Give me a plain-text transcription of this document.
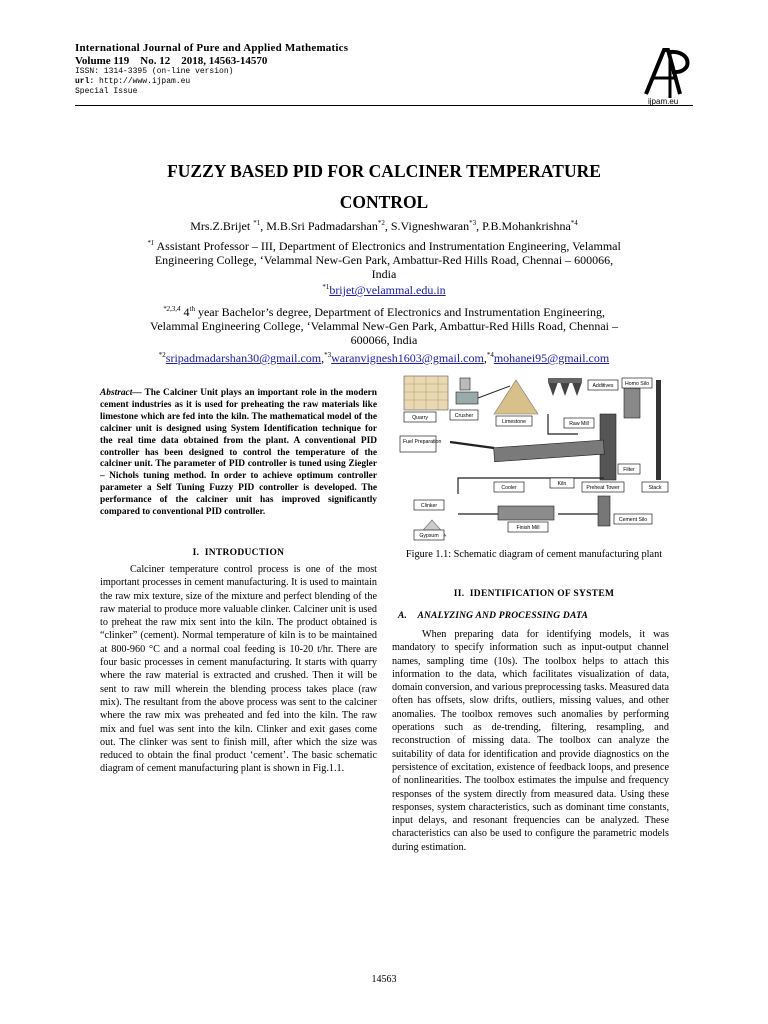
International Journal of Pure and Applied Mathematics
Volume 119    No. 12    2018, 14563-14570
ISSN: 1314-3395 (on-line version)
url: http://www.ijpam.eu
Special Issue
ijpam.eu
FUZZY BASED PID FOR CALCINER TEMPERATURE
CONTROL
Mrs.Z.Brijet $^{*1}$, M.B.Sri Padmadarshan$^{*2}$, S.Vigneshwaran$^{*3}$, P.B.Mohankrishna$^{*4}$
$^{*1}$ Assistant Professor – III, Department of Electronics and Instrumentation Engineering, Velammal
Engineering College, ‘Velammal New-Gen Park, Ambattur-Red Hills Road, Chennai – 600066,
India
$^{*1}$brijet@velammal.edu.in
$^{*2,3,4}$ 4th year Bachelor’s degree, Department of Electronics and Instrumentation Engineering,
Velammal Engineering College, ‘Velammal New-Gen Park, Ambattur-Red Hills Road, Chennai –
600066, India
$^{*2}$sripadmadarshan30@gmail.com,$^{*3}$waranvignesh1603@gmail.com,$^{*4}$mohanei95@gmail.com
Abstract— The Calciner Unit plays an important role in the modern cement industries as it is used for preheating the raw materials like limestone which are fed into the kiln. The mathematical model of the calciner unit is designed using System Identification technique for the real time data obtained from the plant. A conventional PID controller has been designed to control the temperature of the calciner unit. The parameter of PID controller is tuned using Ziegler – Nichols tuning method. In order to achieve optimum controller parameter a Self Tuning Fuzzy PID controller is developed. The performance of the calciner unit has improved significantly compared to conventional PID controller.
I. INTRODUCTION
Calciner temperature control process is one of the most important processes in cement manufacturing. It is used to maintain the raw mix texture, size of the mixture and perfect blending of the raw material to produce more valuable clinker. Calciner unit is used to preheat the raw mix sent into the kiln. The product obtained is “clinker” (cement). Normal temperature of kiln is to be maintained at 800-960 °C and a normal coal feeding is 10-20 t/hr. There are four basic processes in cement manufacturing. It starts with quarry where the raw material is extracted and crushed. Then it will be sent to raw mill wherein the blending process takes place (raw mix). The resultant from the above process was sent to the calciner where the raw mix was preheated and fed into the kiln. The raw mix and fuel was sent into the kiln. Clinker and exit gases come out. The clinker was sent to finish mill, after which the size was reduced to obtain the final product ‘cement’. The basic schematic diagram of cement manufacturing plant is shown in Fig.1.1.
Quarry	Crusher
Limestone	Raw Mill
Additives Homo Silo
Fuel Preparation
Filter
Cooler
Kiln
Preheat Tower	Stack
Clinker
Finish Mill
Cement Silo
Gypsum
Figure 1.1: Schematic diagram of cement manufacturing plant
II. IDENTIFICATION OF SYSTEM
A. ANALYZING AND PROCESSING DATA
When preparing data for identifying models, it was mandatory to specify information such as input-output channel names, sampling time (10s). The toolbox helps to attach this information to the data, which facilitates visualization of data, domain conversion, and various preprocessing tasks. Measured data often has offsets, slow drifts, outliers, missing values, and other anomalies. The toolbox removes such anomalies by performing operations such as de-trending, filtering, resampling, and reconstruction of missing data. The toolbox can analyze the suitability of data for identification and provide diagnostics on the persistence of excitation, existence of feedback loops, and presence of nonlinearities. The toolbox estimates the impulse and frequency responses of the system directly from measured data. Using these responses, system characteristics, such as dominant time constants, input delays, and resonant frequencies can be analyzed. These characteristics can also be used to configure the parametric models during estimation.
14563
